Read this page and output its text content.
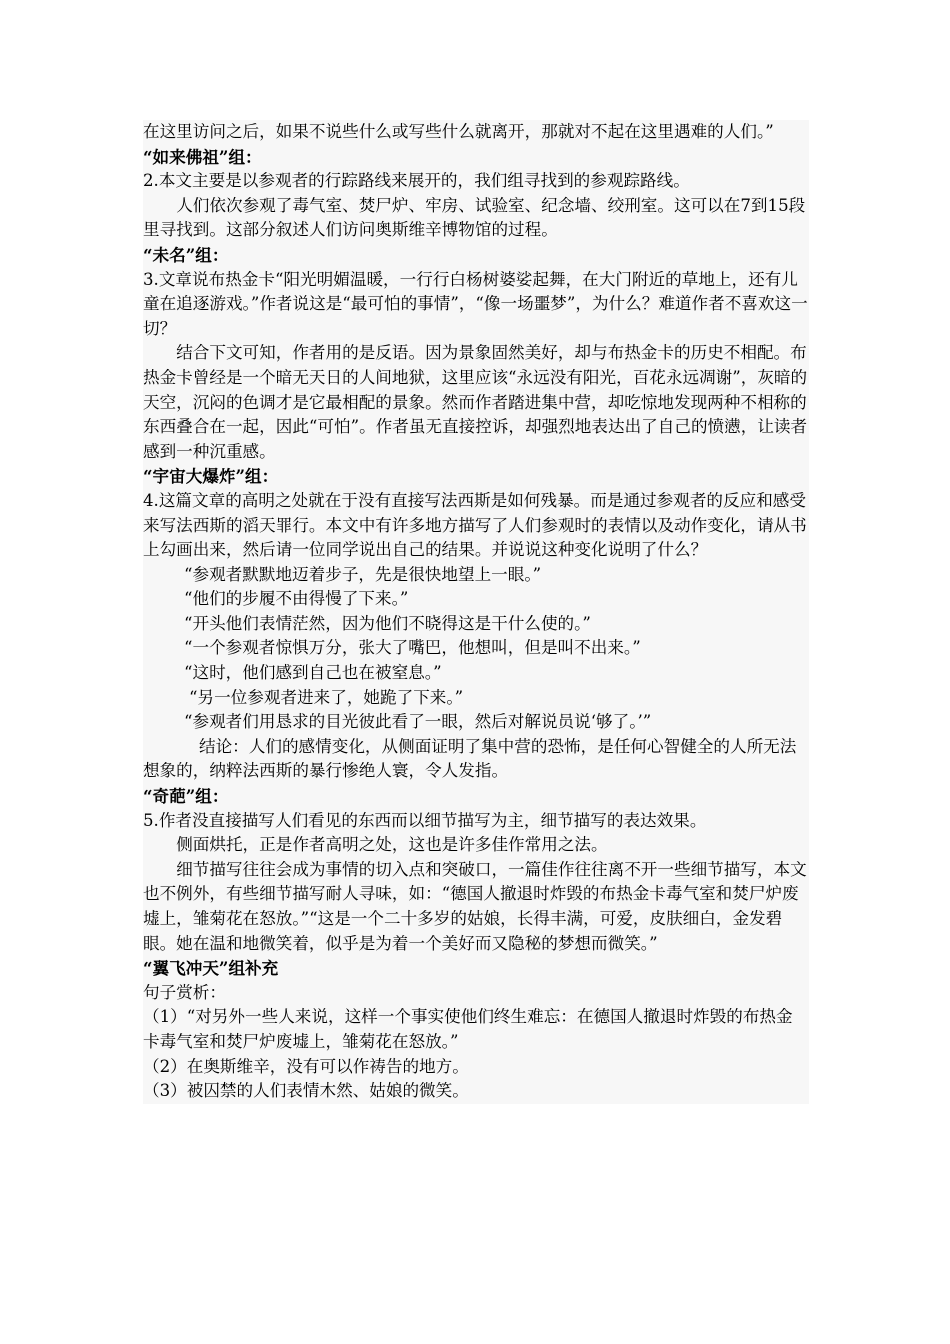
在这里访问之后，如果不说些什么或写些什么就离开，那就对不起在这里遇难的人们。”

“如来佛祖”组：

2.本文主要是以参观者的行踪路线来展开的，我们组寻找到的参观踪路线。

人们依次参观了毒气室、焚尸炉、牢房、试验室、纪念墙、绞刑室。这可以在7到15段里寻找到。这部分叙述人们访问奥斯维辛博物馆的过程。

“未名”组：

3.文章说布热金卡“阳光明媚温暖，一行行白杨树婆娑起舞，在大门附近的草地上，还有儿童在追逐游戏。”作者说这是“最可怕的事情”，“像一场噩梦”，为什么？难道作者不喜欢这一切？

结合下文可知，作者用的是反语。因为景象固然美好，却与布热金卡的历史不相配。布热金卡曾经是一个暗无天日的人间地狱，这里应该“永远没有阳光，百花永远凋谢”，灰暗的天空，沉闷的色调才是它最相配的景象。然而作者踏进集中营，却吃惊地发现两种不相称的东西叠合在一起，因此“可怕”。作者虽无直接控诉，却强烈地表达出了自己的愤懑，让读者感到一种沉重感。

“宇宙大爆炸”组：

4.这篇文章的高明之处就在于没有直接写法西斯是如何残暴。而是通过参观者的反应和感受来写法西斯的滔天罪行。本文中有许多地方描写了人们参观时的表情以及动作变化，请从书上勾画出来，然后请一位同学说出自己的结果。并说说这种变化说明了什么？

“参观者默默地迈着步子，先是很快地望上一眼。”

“他们的步履不由得慢了下来。”

“开头他们表情茫然，因为他们不晓得这是干什么使的。”

“一个参观者惊惧万分，张大了嘴巴，他想叫，但是叫不出来。”

“这时，他们感到自己也在被窒息。”

“另一位参观者进来了，她跪了下来。”

“参观者们用恳求的目光彼此看了一眼，然后对解说员说‘够了。’”

结论：人们的感情变化，从侧面证明了集中营的恐怖，是任何心智健全的人所无法想象的，纳粹法西斯的暴行惨绝人寰，令人发指。

“奇葩”组：

5.作者没直接描写人们看见的东西而以细节描写为主，细节描写的表达效果。

侧面烘托，正是作者高明之处，这也是许多佳作常用之法。

细节描写往往会成为事情的切入点和突破口，一篇佳作往往离不开一些细节描写，本文也不例外，有些细节描写耐人寻味，如：“德国人撤退时炸毁的布热金卡毒气室和焚尸炉废墟上，雏菊花在怒放。”“这是一个二十多岁的姑娘，长得丰满，可爱，皮肤细白，金发碧眼。她在温和地微笑着，似乎是为着一个美好而又隐秘的梦想而微笑。”

“翼飞冲天”组补充

句子赏析：

（1）“对另外一些人来说，这样一个事实使他们终生难忘：在德国人撤退时炸毁的布热金卡毒气室和焚尸炉废墟上，雏菊花在怒放。”

（2）在奥斯维辛，没有可以作祷告的地方。

（3）被囚禁的人们表情木然、姑娘的微笑。
